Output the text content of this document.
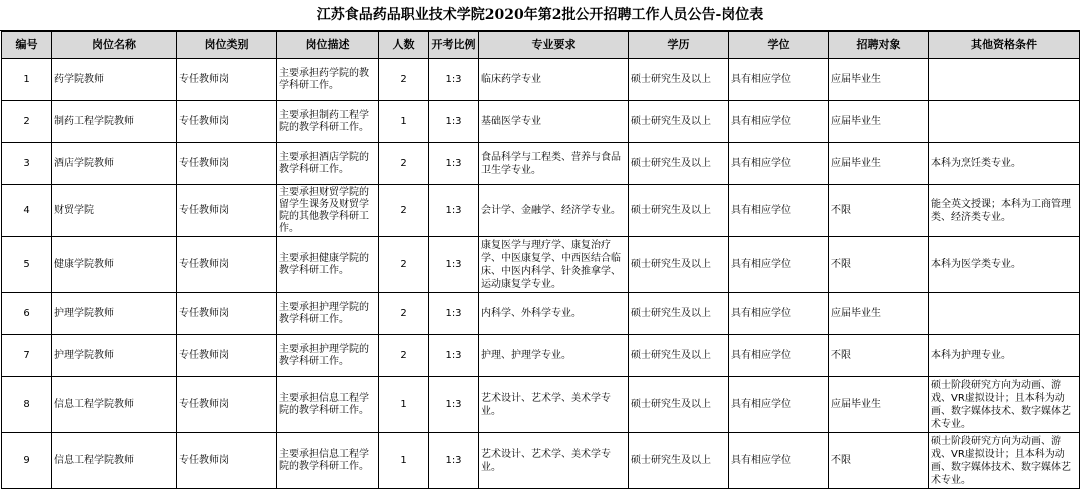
江苏食品药品职业技术学院2020年第2批公开招聘工作人员公告-岗位表
编号	岗位名称	岗位类别	岗位描述	人数	开考比例	专业要求	学历	学位	招聘对象	其他资格条件
1	药学院教师	专任教师岗	主要承担药学院的教学科研工作。	2	1:3	临床药学专业	硕士研究生及以上	具有相应学位	应届毕业生	
2	制药工程学院教师	专任教师岗	主要承担制药工程学院的教学科研工作。	1	1:3	基础医学专业	硕士研究生及以上	具有相应学位	应届毕业生	
3	酒店学院教师	专任教师岗	主要承担酒店学院的教学科研工作。	2	1:3	食品科学与工程类、营养与食品卫生学专业。	硕士研究生及以上	具有相应学位	应届毕业生	本科为烹饪类专业。
4	财贸学院	专任教师岗	主要承担财贸学院的留学生课务及财贸学院的其他教学科研工作。	2	1:3	会计学、金融学、经济学专业。	硕士研究生及以上	具有相应学位	不限	能全英文授课；本科为工商管理类、经济类专业。
5	健康学院教师	专任教师岗	主要承担健康学院的教学科研工作。	2	1:3	康复医学与理疗学、康复治疗学、中医康复学、中西医结合临床、中医内科学、针灸推拿学、运动康复学专业。	硕士研究生及以上	具有相应学位	不限	本科为医学类专业。
6	护理学院教师	专任教师岗	主要承担护理学院的教学科研工作。	2	1:3	内科学、外科学专业。	硕士研究生及以上	具有相应学位	应届毕业生	
7	护理学院教师	专任教师岗	主要承担护理学院的教学科研工作。	2	1:3	护理、护理学专业。	硕士研究生及以上	具有相应学位	不限	本科为护理专业。
8	信息工程学院教师	专任教师岗	主要承担信息工程学院的教学科研工作。	1	1:3	艺术设计、艺术学、美术学专业。	硕士研究生及以上	具有相应学位	应届毕业生	硕士阶段研究方向为动画、游戏、VR虚拟设计；且本科为动画、数字媒体技术、数字媒体艺术专业。
9	信息工程学院教师	专任教师岗	主要承担信息工程学院的教学科研工作。	1	1:3	艺术设计、艺术学、美术学专业。	硕士研究生及以上	具有相应学位	不限	硕士阶段研究方向为动画、游戏、VR虚拟设计；且本科为动画、数字媒体技术、数字媒体艺术专业。
